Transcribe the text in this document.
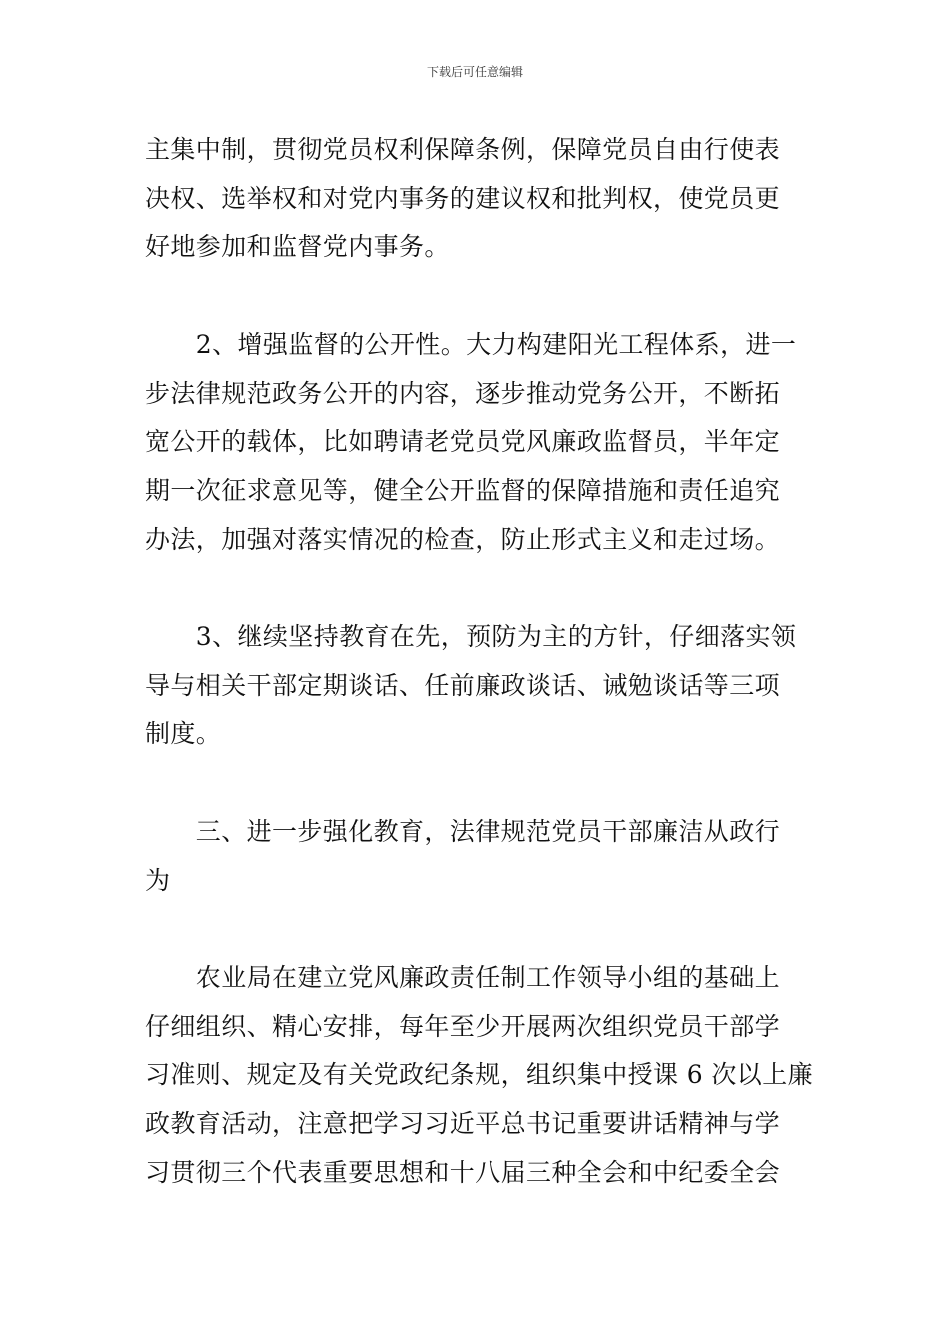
下载后可任意编辑

主集中制，贯彻党员权利保障条例，保障党员自由行使表
决权、选举权和对党内事务的建议权和批判权，使党员更
好地参加和监督党内事务。

　　2、增强监督的公开性。大力构建阳光工程体系，进一
步法律规范政务公开的内容，逐步推动党务公开，不断拓
宽公开的载体，比如聘请老党员党风廉政监督员，半年定
期一次征求意见等，健全公开监督的保障措施和责任追究
办法，加强对落实情况的检查，防止形式主义和走过场。

　　3、继续坚持教育在先，预防为主的方针，仔细落实领
导与相关干部定期谈话、任前廉政谈话、诫勉谈话等三项
制度。

　　三、进一步强化教育，法律规范党员干部廉洁从政行
为

　　农业局在建立党风廉政责任制工作领导小组的基础上
仔细组织、精心安排，每年至少开展两次组织党员干部学
习准则、规定及有关党政纪条规，组织集中授课 6 次以上廉
政教育活动，注意把学习习近平总书记重要讲话精神与学
习贯彻三个代表重要思想和十八届三种全会和中纪委全会
